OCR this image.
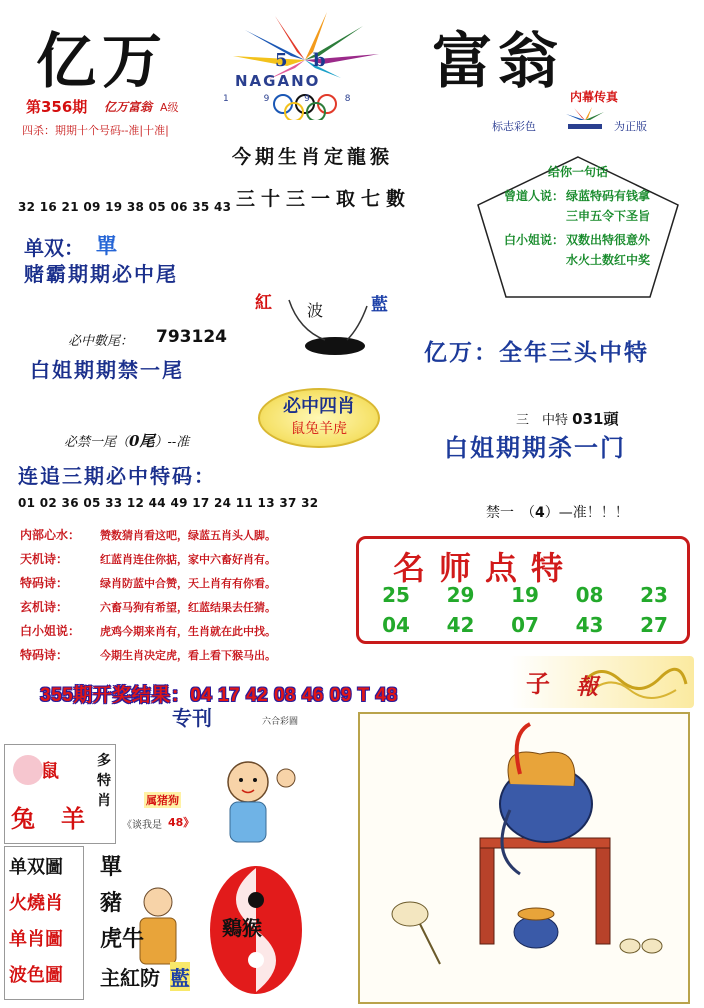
亿万	富翁
5 b
NAGANO
1 9 9 8
第356期 亿万富翁 A级
四杀：期期十个号码--准|十准|
今期生肖定龍猴
三十三一取七數
32 16 21 09 19 38 05 06 35 43
单双： 單
赌霸期期必中尾
紅 波	藍
必中數尾： 793124
白姐期期禁一尾
必中四肖
鼠兔羊虎
必禁一尾（0尾）--准
连追三期必中特码：
01 02 36 05 33 12 44 49 17 24 11 13 37 32
内部心水： 赞数猜肖看这吧，绿蓝五肖头人脚。
天机诗：	红蓝肖连住你掂，家中六畜好肖有。
特码诗：	绿肖防蓝中合赞，天上肖有有你看。
玄机诗：	六畜马狗有希望，红蓝结果去任猜。
白小姐说： 虎鸡今期来肖有，生肖就在此中找。
特码诗：	今期生肖决定虎，看上看下猴马出。
内幕传真
标志彩色	为正版
给你一句话
曾道人说： 绿蓝特码有钱拿
三申五令下圣旨
白小姐说： 双数出特很意外
水火土数红中奖
亿万：全年三头中特
三　中特 031頭
白姐期期杀一门
禁一　（4）—准！！！
名师点特
25	29	19	08	23
04	42	07	43	27
355期开奖结果：04 17 42 08 46 09 T 48	子 報
专刊	六合彩圖
鼠
兔 羊
多特肖	属猪狗
《谈我是 48》
鷄猴
单双圖
火燒肖
单肖圖
波色圖
單
豬
虎牛
主紅防 藍
